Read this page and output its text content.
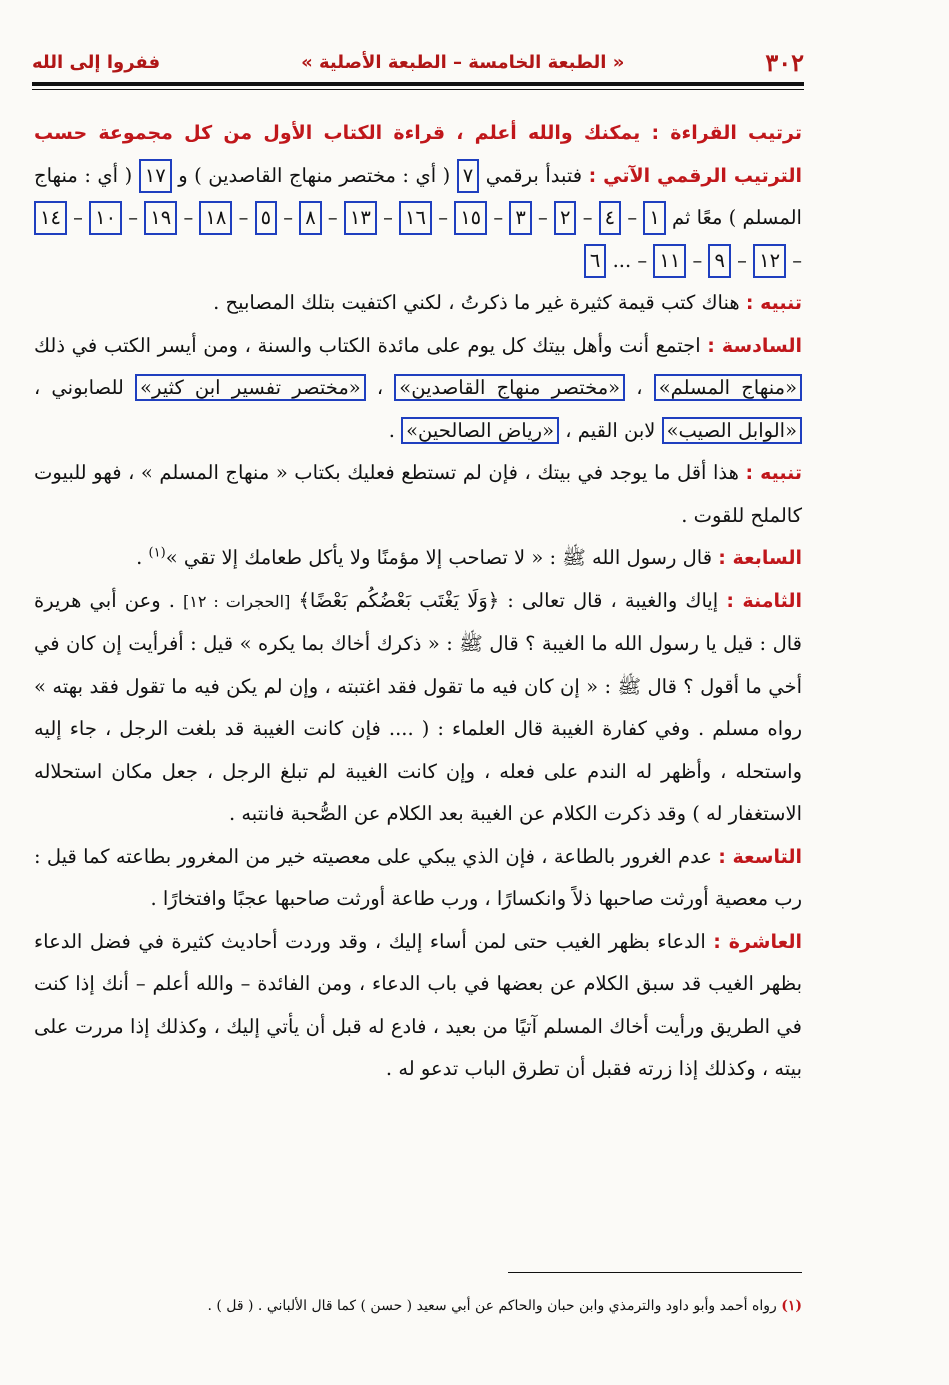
٣٠٢
« الطبعة الخامسة – الطبعة الأصلية »
ففروا إلى الله

ترتيب القراءة : يمكنك والله أعلم ، قراءة الكتاب الأول من كل مجموعة حسب الترتيب الرقمي الآتي : فتبدأ برقمي ٧ ( أي : مختصر منهاج القاصدين ) و ١٧ ( أي : منهاج المسلم ) معًا ثم ١ – ٤ – ٢ – ٣ – ١٥ – ١٦ – ١٣ – ٨ – ٥ – ١٨ – ١٩ – ١٠ – ١٤ – ١٢ – ٩ – ١١ – ... ٦

تنبيه : هناك كتب قيمة كثيرة غير ما ذكرتُ ، لكني اكتفيت بتلك المصابيح .

السادسة : اجتمع أنت وأهل بيتك كل يوم على مائدة الكتاب والسنة ، ومن أيسر الكتب في ذلك «منهاج المسلم» ، «مختصر منهاج القاصدين» ، «مختصر تفسير ابن كثير» للصابوني ، «الوابل الصيب» لابن القيم ، «رياض الصالحين» .

تنبيه : هذا أقل ما يوجد في بيتك ، فإن لم تستطع فعليك بكتاب « منهاج المسلم » ، فهو للبيوت كالملح للقوت .

السابعة : قال رسول الله ﷺ : « لا تصاحب إلا مؤمنًا ولا يأكل طعامك إلا تقي »$^{(١)}$ .

الثامنة : إياك والغيبة ، قال تعالى : ﴿وَلَا يَغْتَب بَعْضُكُم بَعْضًا﴾ [الحجرات : ١٢] . وعن أبي هريرة قال : قيل يا رسول الله ما الغيبة ؟ قال ﷺ : « ذكرك أخاك بما يكره » قيل : أفرأيت إن كان في أخي ما أقول ؟ قال ﷺ : « إن كان فيه ما تقول فقد اغتبته ، وإن لم يكن فيه ما تقول فقد بهته » رواه مسلم . وفي كفارة الغيبة قال العلماء : ( .... فإن كانت الغيبة قد بلغت الرجل ، جاء إليه واستحله ، وأظهر له الندم على فعله ، وإن كانت الغيبة لم تبلغ الرجل ، جعل مكان استحلاله الاستغفار له ) وقد ذكرت الكلام عن الغيبة بعد الكلام عن الصُّحبة فانتبه .

التاسعة : عدم الغرور بالطاعة ، فإن الذي يبكي على معصيته خير من المغرور بطاعته كما قيل : رب معصية أورثت صاحبها ذلاً وانكسارًا ، ورب طاعة أورثت صاحبها عجبًا وافتخارًا .

العاشرة : الدعاء بظهر الغيب حتى لمن أساء إليك ، وقد وردت أحاديث كثيرة في فضل الدعاء بظهر الغيب قد سبق الكلام عن بعضها في باب الدعاء ، ومن الفائدة – والله أعلم – أنك إذا كنت في الطريق ورأيت أخاك المسلم آتيًا من بعيد ، فادع له قبل أن يأتي إليك ، وكذلك إذا مررت على بيته ، وكذلك إذا زرته فقبل أن تطرق الباب تدعو له .

(١) رواه أحمد وأبو داود والترمذي وابن حبان والحاكم عن أبي سعيد ( حسن ) كما قال الألباني . ( قل ) .
